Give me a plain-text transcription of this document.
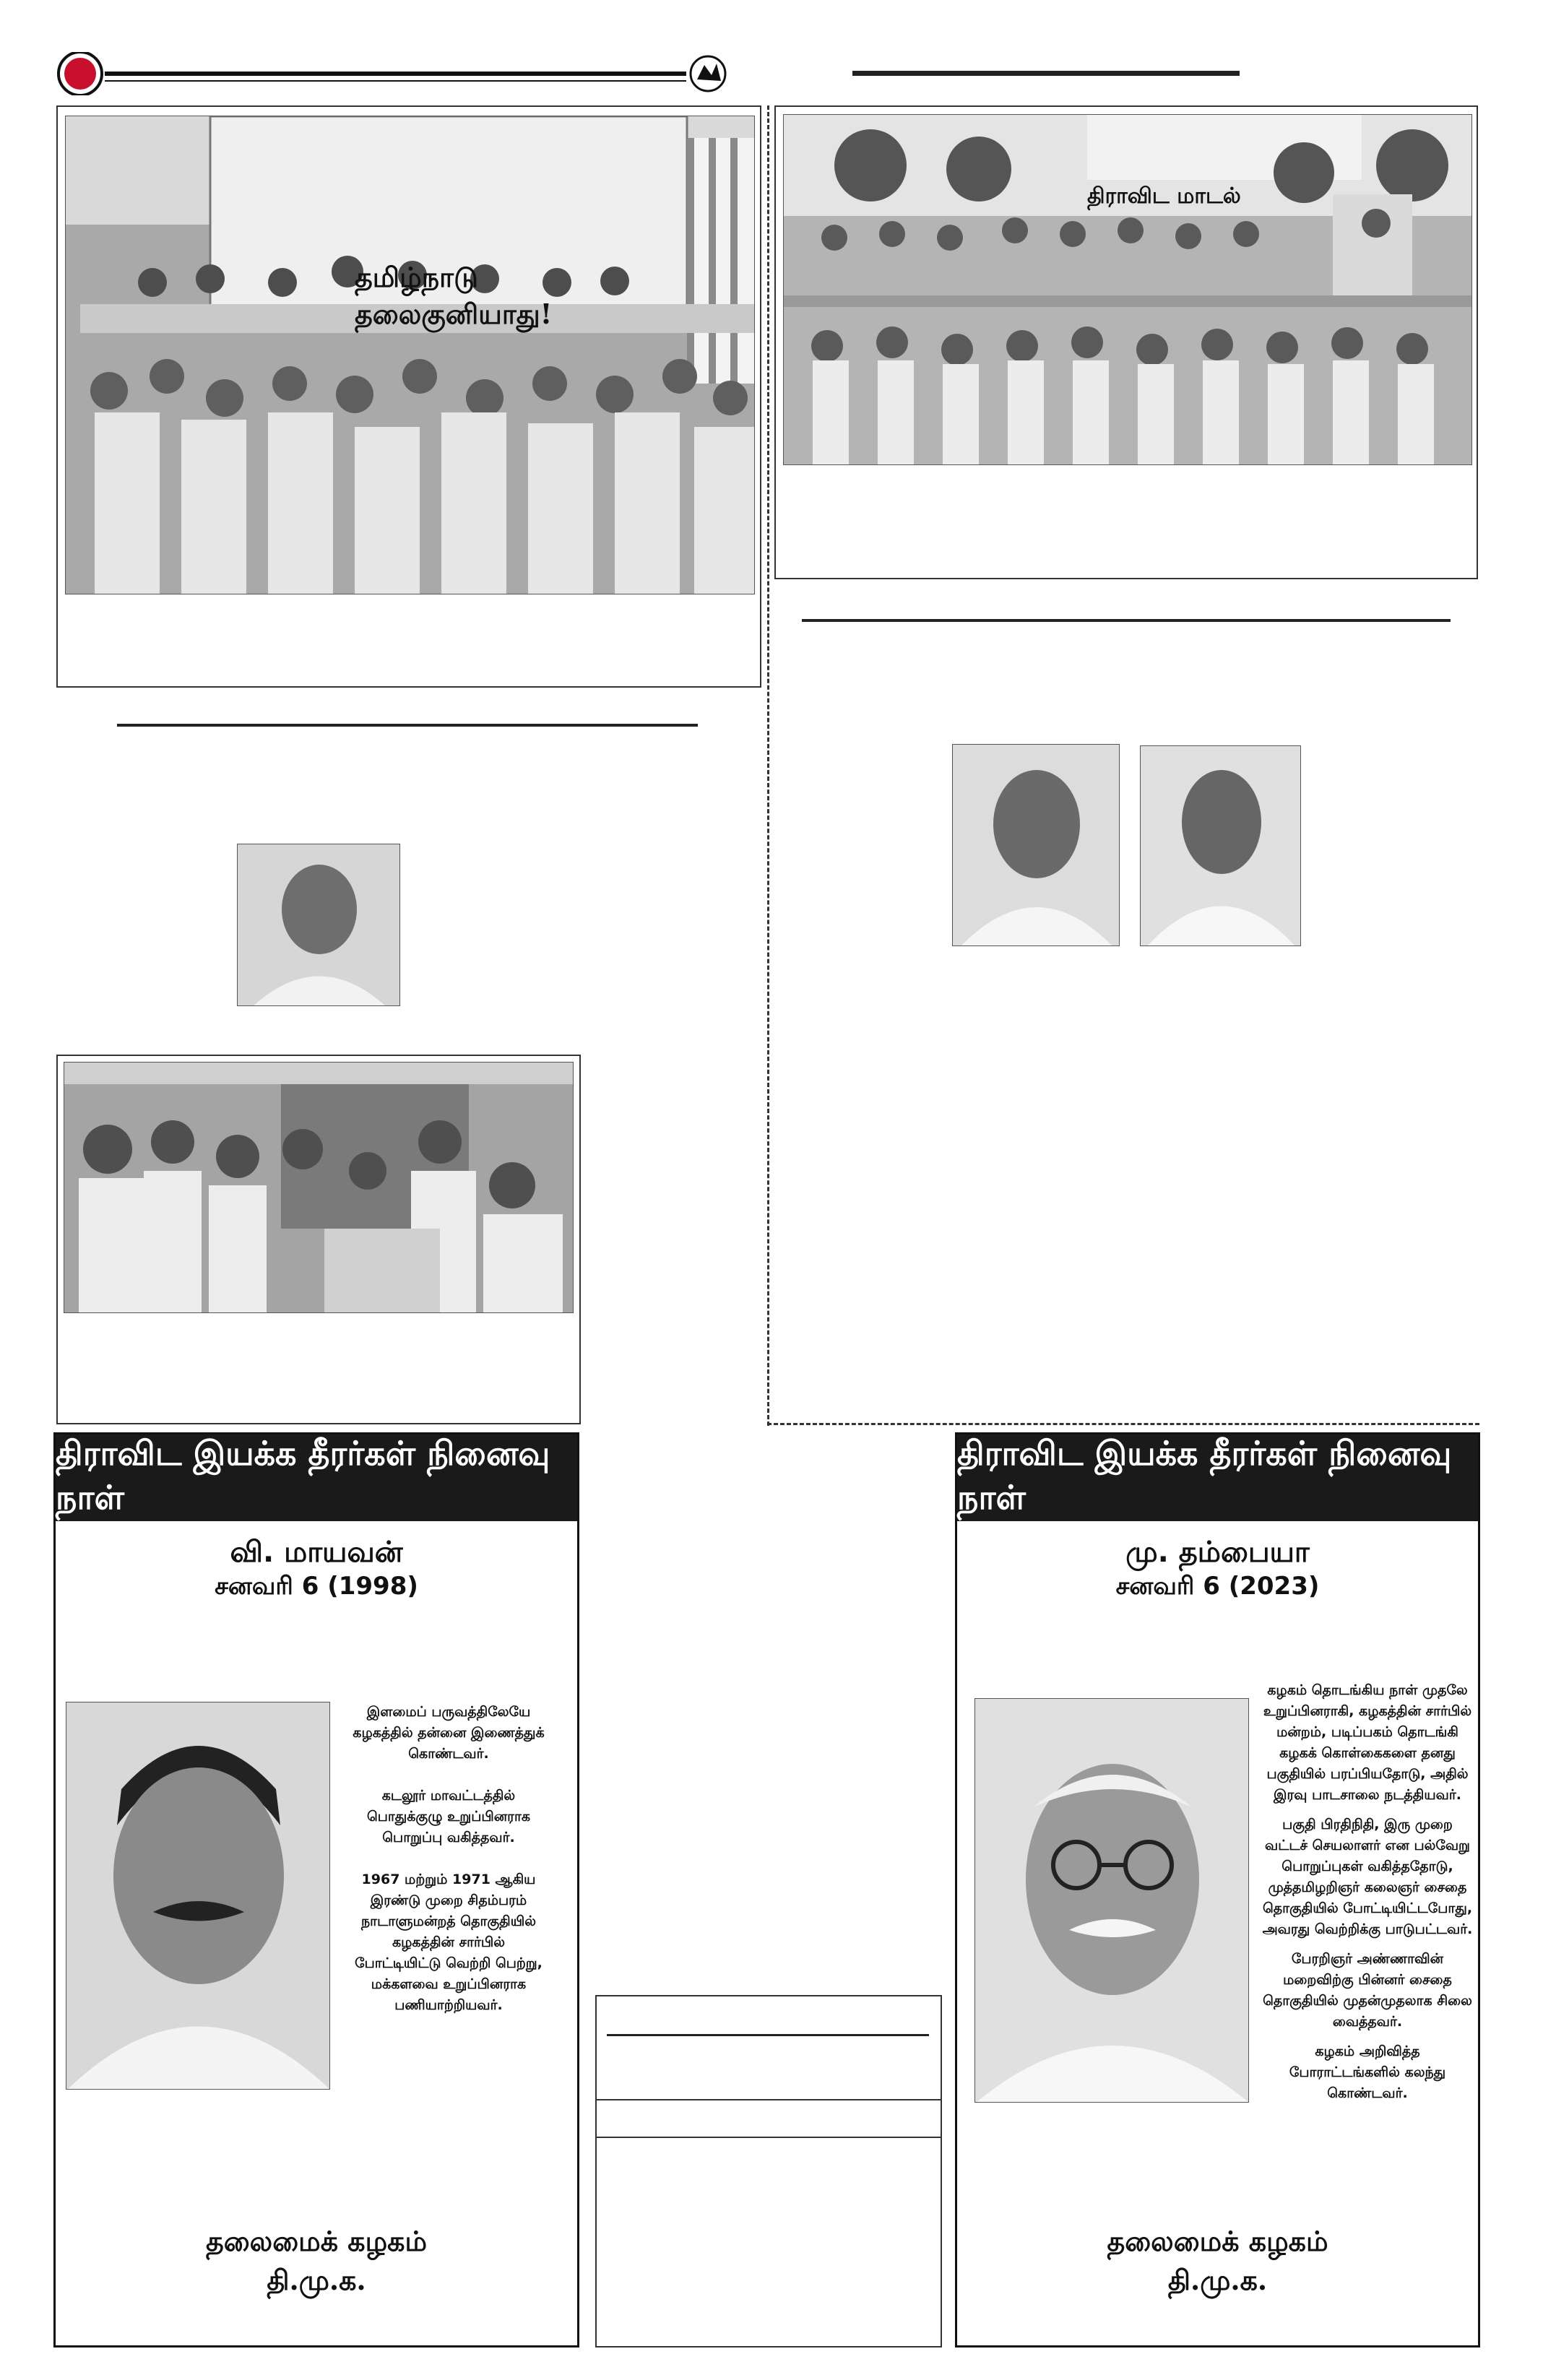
தமிழ்நாடு தலைகுனியாது!
திராவிட மாடல்
திராவிட இயக்க தீரர்கள் நினைவு நாள்
வி. மாயவன்
சனவரி 6 (1998)

இளமைப் பருவத்திலேயே கழகத்தில் தன்னை இணைத்துக் கொண்டவர்.

கடலூர் மாவட்டத்தில் பொதுக்குழு உறுப்பினராக பொறுப்பு வகித்தவர்.

1967 மற்றும் 1971 ஆகிய இரண்டு முறை சிதம்பரம் நாடாளுமன்றத் தொகுதியில் கழகத்தின் சார்பில் போட்டியிட்டு வெற்றி பெற்று, மக்களவை உறுப்பினராக பணியாற்றியவர்.

தலைமைக் கழகம்
தி.மு.க.
திராவிட இயக்க தீரர்கள் நினைவு நாள்
மு. தம்பையா
சனவரி 6 (2023)

கழகம் தொடங்கிய நாள் முதலே உறுப்பினராகி, கழகத்தின் சார்பில் மன்றம், படிப்பகம் தொடங்கி கழகக் கொள்கைகளை தனது பகுதியில் பரப்பியதோடு, அதில் இரவு பாடசாலை நடத்தியவர்.

பகுதி பிரதிநிதி, இரு முறை வட்டச் செயலாளர் என பல்வேறு பொறுப்புகள் வகித்ததோடு, முத்தமிழறிஞர் கலைஞர் சைதை தொகுதியில் போட்டியிட்டபோது, அவரது வெற்றிக்கு பாடுபட்டவர்.

பேரறிஞர் அண்ணாவின் மறைவிற்கு பின்னர் சைதை தொகுதியில் முதன்முதலாக சிலை வைத்தவர்.

கழகம் அறிவித்த போராட்டங்களில் கலந்து கொண்டவர்.

தலைமைக் கழகம்
தி.மு.க.
